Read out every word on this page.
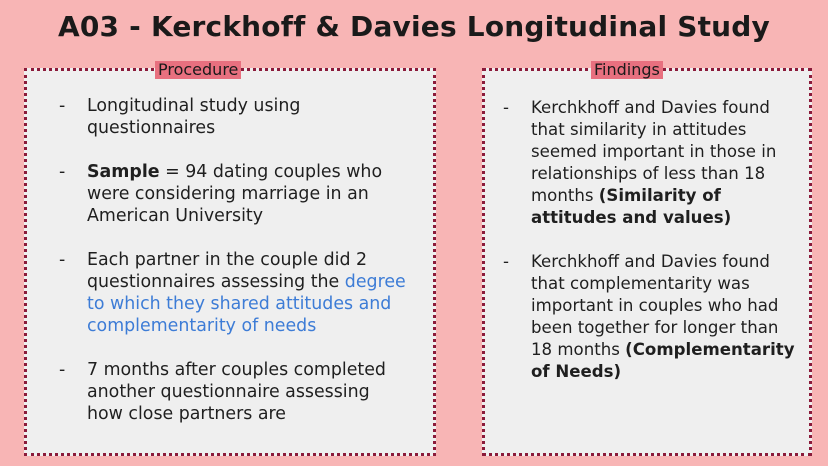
A03 - Kerckhoff & Davies Longitudinal Study
Procedure
- Longitudinal study using questionnaires
- Sample = 94 dating couples who were considering marriage in an American University
- Each partner in the couple did 2 questionnaires assessing the degree to which they shared attitudes and complementarity of needs
- 7 months after couples completed another questionnaire assessing how close partners are
Findings
- Kerchkhoff and Davies found that similarity in attitudes seemed important in those in relationships of less than 18 months (Similarity of attitudes and values)
- Kerchkhoff and Davies found that complementarity was important in couples who had been together for longer than 18 months (Complementarity of Needs)
